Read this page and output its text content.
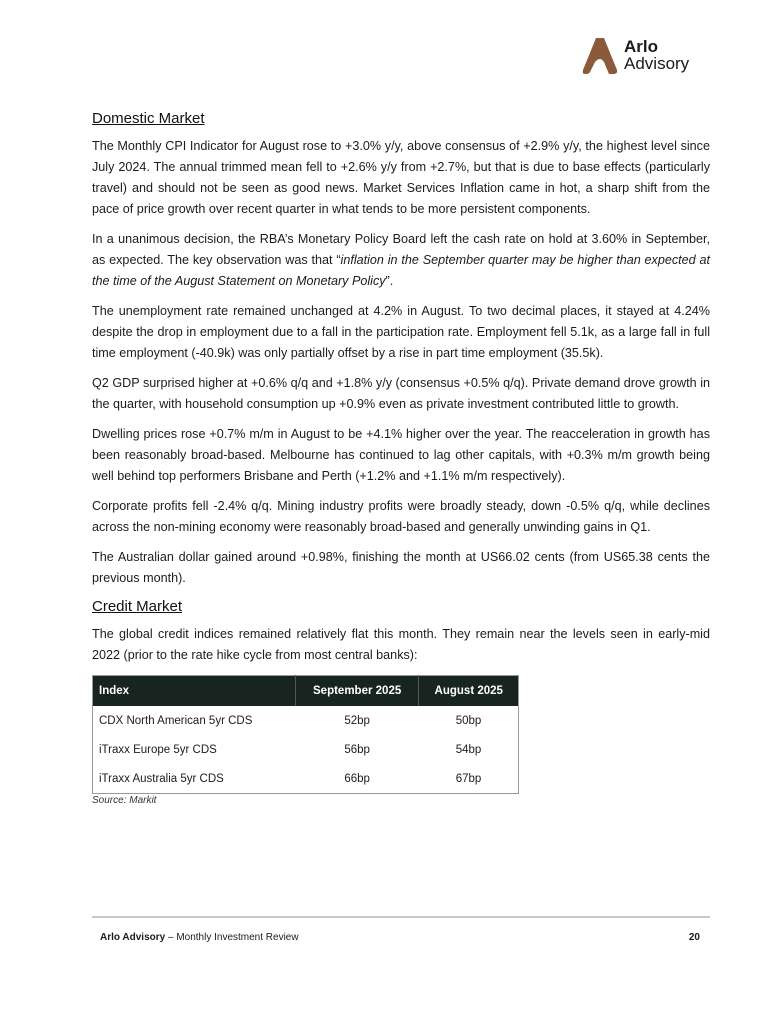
Arlo
Advisory
Domestic Market

The Monthly CPI Indicator for August rose to +3.0% y/y, above consensus of +2.9% y/y, the highest level since July 2024. The annual trimmed mean fell to +2.6% y/y from +2.7%, but that is due to base effects (particularly travel) and should not be seen as good news. Market Services Inflation came in hot, a sharp shift from the pace of price growth over recent quarter in what tends to be more persistent components.

In a unanimous decision, the RBA’s Monetary Policy Board left the cash rate on hold at 3.60% in September, as expected. The key observation was that “inflation in the September quarter may be higher than expected at the time of the August Statement on Monetary Policy”.

The unemployment rate remained unchanged at 4.2% in August. To two decimal places, it stayed at 4.24% despite the drop in employment due to a fall in the participation rate. Employment fell 5.1k, as a large fall in full time employment (-40.9k) was only partially offset by a rise in part time employment (35.5k).

Q2 GDP surprised higher at +0.6% q/q and +1.8% y/y (consensus +0.5% q/q). Private demand drove growth in the quarter, with household consumption up +0.9% even as private investment contributed little to growth.

Dwelling prices rose +0.7% m/m in August to be +4.1% higher over the year. The reacceleration in growth has been reasonably broad-based. Melbourne has continued to lag other capitals, with +0.3% m/m growth being well behind top performers Brisbane and Perth (+1.2% and +1.1% m/m respectively).

Corporate profits fell -2.4% q/q. Mining industry profits were broadly steady, down -0.5% q/q, while declines across the non-mining economy were reasonably broad-based and generally unwinding gains in Q1.

The Australian dollar gained around +0.98%, finishing the month at US66.02 cents (from US65.38 cents the previous month).

Credit Market

The global credit indices remained relatively flat this month. They remain near the levels seen in early-mid 2022 (prior to the rate hike cycle from most central banks):

Index	September 2025	August 2025
CDX North American 5yr CDS	52bp	50bp
iTraxx Europe 5yr CDS	56bp	54bp
iTraxx Australia 5yr CDS	66bp	67bp
Source: Markit
Arlo Advisory – Monthly Investment Review	20
